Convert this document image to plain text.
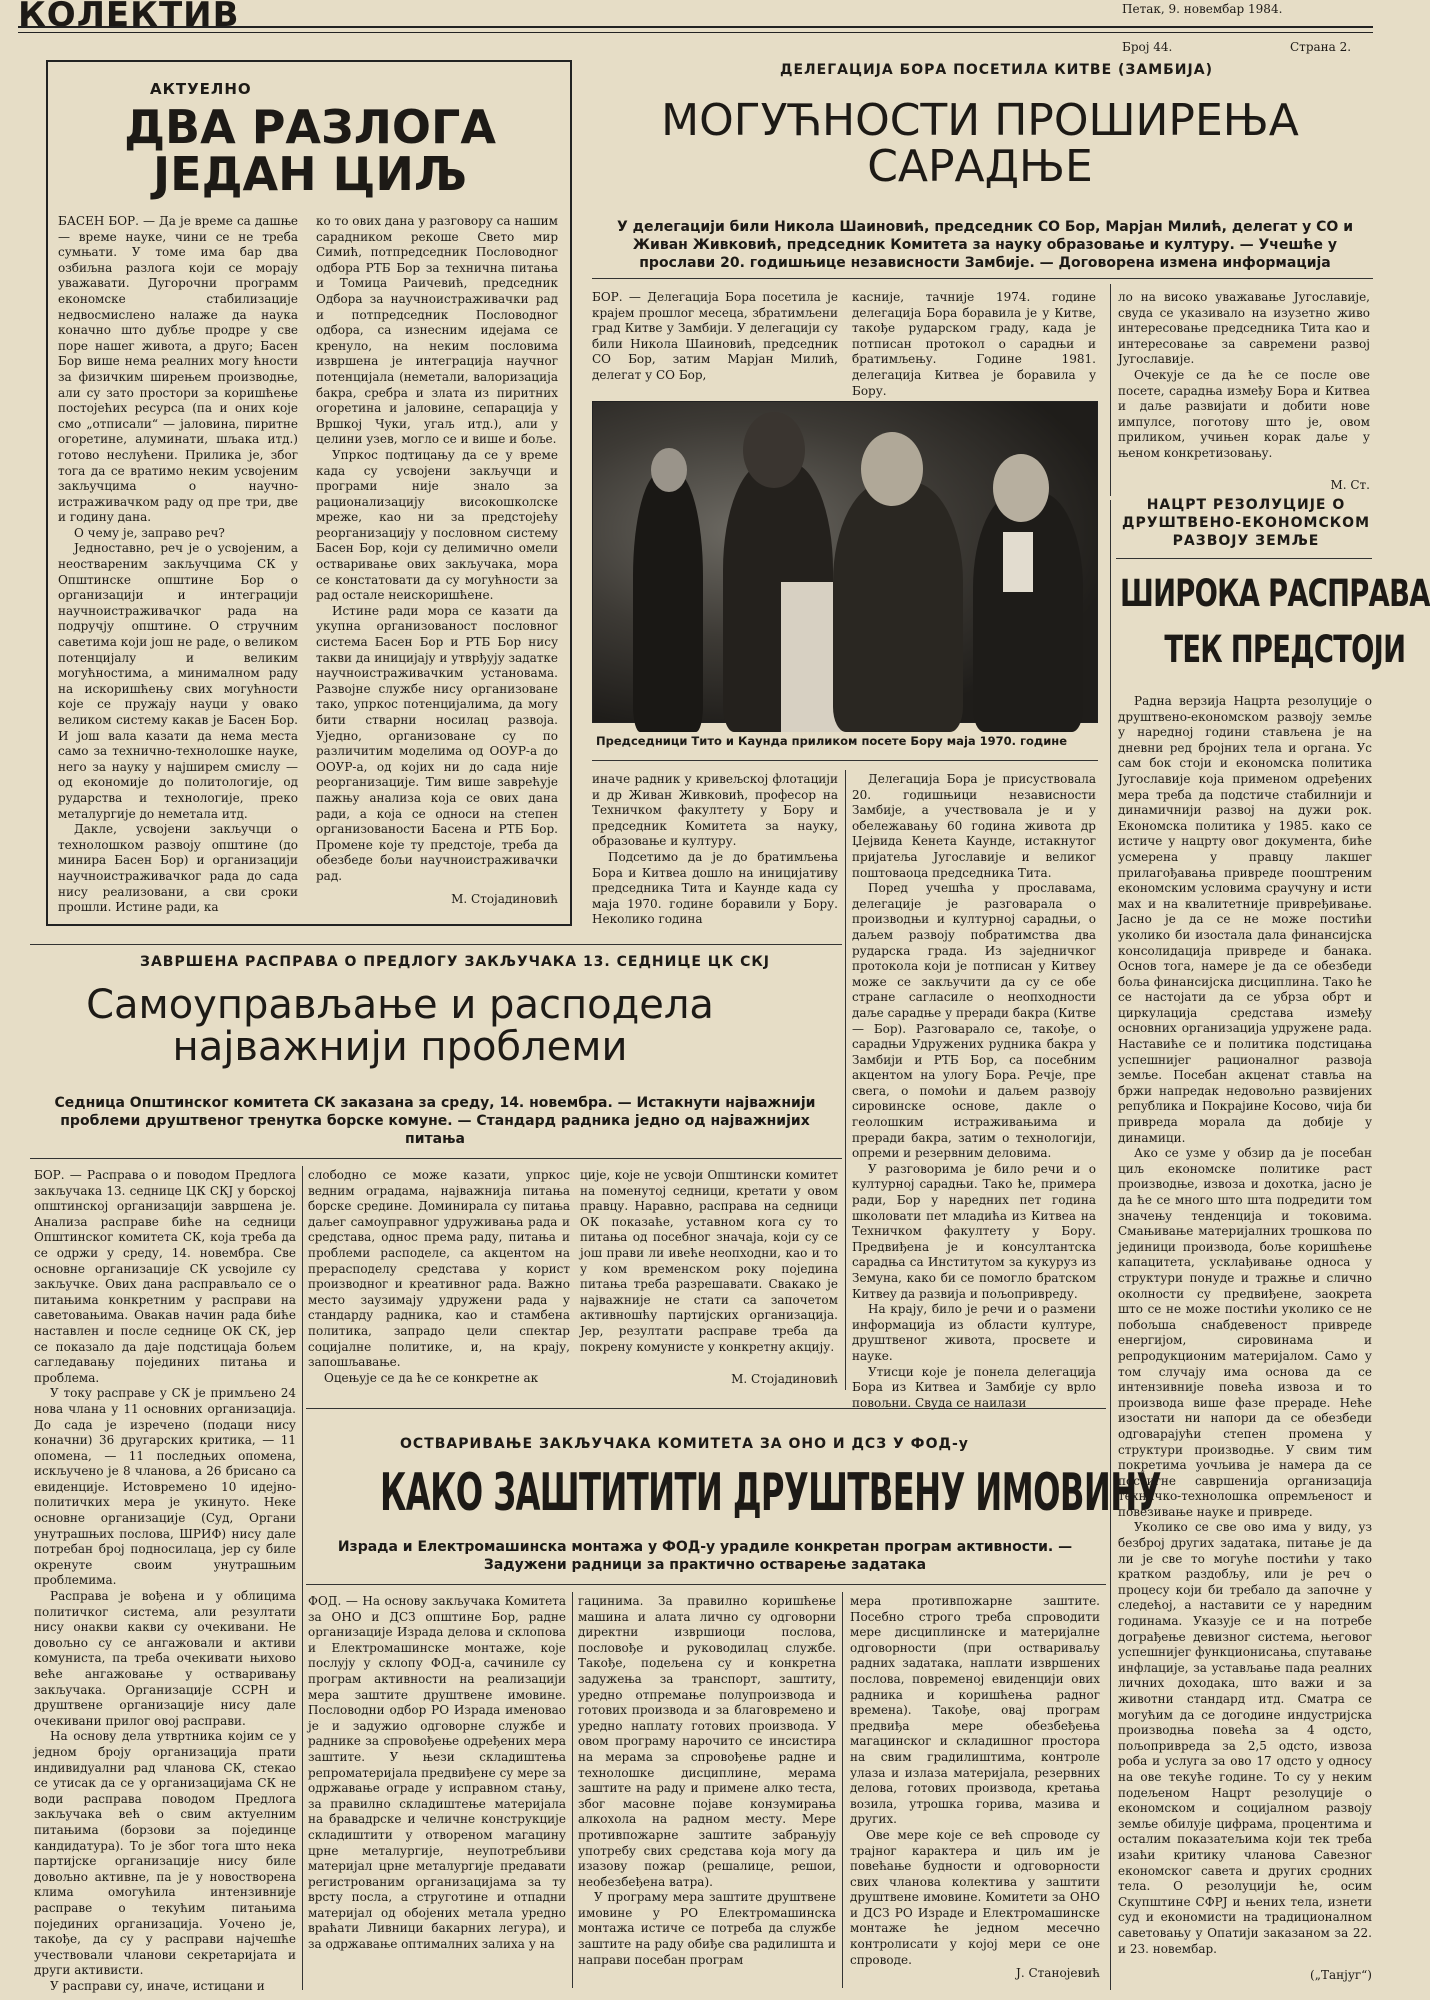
КОЛЕКТИВ	Петак, 9. новембар 1984.
Број 44.	Страна 2.
АКТУЕЛНО
ДВА РАЗЛОГА
ЈЕДАН ЦИЉ

БАСЕН БОР. — Да је време са дашње — време науке, чини се не треба сумњати. У томе има бар два озбиљна разлога који се морају уважавати. Дугорочни программ економске стабилизације недвосмислено налаже да наука коначно што дубље продре у све поре нашег живота, а друго; Басен Бор више нема реалних могу ћности за физичким ширењем производње, али су зато простори за коришћење постојећих ресурса (па и оних које смо „отписали“ — јаловина, пиритне огоретине, алуминати, шљака итд.) готово неслућени. Прилика је, због тога да се вратимо неким усвојеним закључцима о научно-истраживачком раду од пре три, две и годину дана.

О чему је, заправо реч?

Једноставно, реч је о усвојеним, а неоствареним закључцима СК у Општинске општине Бор о организацији и интеграцији научноистраживачког рада на подручју општине. О стручним саветима који још не раде, о великом потенцијалу и великим могућностима, а минималном раду на искоришћењу свих могућности које се пружају науци у овако великом систему какав је Басен Бор. И још вала казати да нема места само за технично-технолошке науке, него за науку у најширем смислу — од економије до политологије, од рударства и технологије, преко металургије до неметала итд.

Дакле, усвојени закључци о технолошком развоју општине (до минира Басен Бор) и организацији научноистраживачког рада до сада нису реализовани, а сви сроки прошли. Истине ради, ка

ко то ових дана у разговору са нашим сарадником рекоше Свето мир Симић, потпредседник Пословодног одбора РТБ Бор за технична питања и Томица Раичевић, председник Одбора за научноистраживачки рад и потпредседник Пословодног одбора, са изнесним идејама се кренуло, на неким пословима извршена је интеграција научног потенцијала (неметали, валоризација бакра, сребра и злата из пиритних огоретина и јаловине, сепарација у Вршкој Чуки, угаљ итд.), али у целини узев, могло се и више и боље.

Упркос подтицању да се у време када су усвојени закључци и програми није знало за рационализацију високошколске мреже, као ни за предстојећу реорганизацију у пословном систему Басен Бор, који су делимично омели остваривање ових закључака, мора се констатовати да су могућности за рад остале неискоришћене.

Истине ради мора се казати да укупна организованост пословног система Басен Бор и РТБ Бор нису такви да иницијају и утврђују задатке научноистраживачким установама. Развојне службе нису организоване тако, упркос потенцијалима, да могу бити стварни носилац развоја. Уједно, организоване су по различитим моделима од ООУР-а до ООУР-а, од којих ни до сада није реорганизације. Тим више заврећује пажњу анализа која се ових дана ради, а која се односи на степен организованости Басена и РТБ Бор. Промене које ту предстоје, треба да обезбеде бољи научноистраживачки рад.

М. Стојадиновић
ДЕЛЕГАЦИЈА БОРА ПОСЕТИЛА КИТВЕ (ЗАМБИЈА)
МОГУЋНОСТИ ПРОШИРЕЊА
САРАДЊЕ
У делегацији били Никола Шаиновић, председник СО Бор, Марјан Милић, делегат у СО и Живан Живковић, председник Комитета за науку образовање и културу. — Учешће у прослави 20. годишњице независности Замбије. — Договорена измена информација

БОР. — Делегација Бора посетила је крајем прошлог месеца, збратимљени град Китве у Замбији. У делегацији су били Никола Шаиновић, председник СО Бор, затим Марјан Милић, делегат у СО Бор,

касније, тачније 1974. године делегација Бора боравила је у Китве, такође рударском граду, када је потписан протокол о сарадњи и братимљењу. Године 1981. делегација Китвеа је боравила у Бору.

ло на високо уважавање Југославије, свуда се указивало на изузетно живо интересовање председника Тита као и интересовање за савремени развој Југославије.

Очекује се да ће се после ове посете, сарадња између Бора и Китвеа и даље развијати и добити нове импулсе, поготову што је, овом приликом, учињен корак даље у њеном конкретизовању.

М. Ст.
Председници Тито и Каунда приликом посете Бору маја 1970. године

иначе радник у кривељској флотацији и др Живан Живковић, професор на Техничком факултету у Бору и председник Комитета за науку, образовање и културу.

Подсетимо да је до братимљења Бора и Китвеа дошло на иницијативу председника Тита и Каунде када су маја 1970. године боравили у Бору. Неколико година

Делегација Бора је присуствовала 20. годишњици независности Замбије, а учествовала је и у обележавању 60 година живота др Џејвида Кенета Каунде, истакнутог пријатеља Југославије и великог поштоваоца председника Тита.

Поред учешћа у прославама, делегације је разговарала о производњи и културној сарадњи, о даљем развоју побратимства два рударска града. Из заједничког протокола који је потписан у Китвеу може се закључити да су се обе стране сагласиле о неопходности даље сарадње у преради бакра (Китве — Бор). Разговарало се, такође, о сарадњи Удружених рудника бакра у Замбији и РТБ Бор, са посебним акцентом на улогу Бора. Речје, пре свега, о помоћи и даљем развоју сировинске основе, дакле о геолошким истраживањима и преради бакра, затим о технологији, опреми и резервним деловима.

У разговорима је било речи и о културној сарадњи. Тако ће, примера ради, Бор у наредних пет година школовати пет младића из Китвеа на Техничком факултету у Бору. Предвиђена је и консултантска сарадња са Институтом за кукуруз из Земуна, како би се помогло братском Китвеу да развија и пољопривреду.

На крају, било је речи и о размени информација из области културе, друштвеног живота, просвете и науке.

Утисци које је понела делегација Бора из Китвеа и Замбије су врло повољни. Свуда се наилази

ЗАВРШЕНА РАСПРАВА О ПРЕДЛОГУ ЗАКЉУЧАКА 13. СЕДНИЦЕ ЦК СКЈ
Самоуправљање и расподела
најважнији проблеми
Седница Општинског комитета СК заказана за среду, 14. новембра. — Истакнути најважнији проблеми друштвеног тренутка борске комуне. — Стандард радника једно од најважнијих питања

БОР. — Расправа о и поводом Предлога закључака 13. седнице ЦК СКЈ у борској општинској организацији завршена је. Анализа расправе биће на седници Општинског комитета СК, која треба да се одржи у среду, 14. новембра. Све основне организације СК усвојиле су закључке. Ових дана расправљало се о питањима конкретним у расправи на саветовањима. Овакав начин рада биће наставлен и после седнице ОК СК, јер се показало да даје подстицаја бољем сагледавању појединих питања и проблема.

У току расправе у СК је примљено 24 нова члана у 11 основних организација. До сада је изречено (подаци нису коначни) 36 другарских критика, — 11 опомена, — 11 последњих опомена, искључено је 8 чланова, а 26 брисано са евиденције. Истовремено 10 идејно-политичких мера је укинуто. Неке основне организације (Суд, Органи унутрашњих послова, ШРИФ) нису дале потребан број подносилаца, јер су биле окренуте своим унутрашњим проблемима.

Расправа је вођена и у облицима политичког система, али резултати нису онакви какви су очекивани. Не довољно су се ангажовали и активи комуниста, па треба очекивати њихово веће ангажовање у остваривању закључака. Организације ССРН и друштвене организације нису дале очекивани прилог овој расправи.

На основу дела утвртника којим се у једном броју организација прати индивидуални рад чланова СК, стекао се утисак да се у организацијама СК не води расправа поводом Предлога закључака већ о свим актуелним питањима (борзови за појединце кандидатура). То је због тога што нека партијске организације нису биле довољно активне, па је у новостворена клима омогућила интензивније расправе о текућим питањима појединих организација. Уочено је, такође, да су у расправи најчешће учествовали чланови секретаријата и други активисти.

У расправи су, иначе, истицани и

слободно се може казати, упркос ведним оградама, најважнија питања борске средине. Доминирала су питања даљег самоуправног удруживања рада и средстава, однос према раду, питања и проблеми расподеле, са акцентом на прерасподелу средстава у корист производног и креативног рада. Важно место заузимају удружени рада у стандарду радника, као и стамбена политика, запрадо цели спектар социјалне политике, и, на крају, запошљавање.

Оцењује се да ће се конкретне ак

ције, које не усвоји Општински комитет на поменутој седници, кретати у овом правцу. Наравно, расправа на седници ОК показаће, уставном кога су то питања од посебног значаја, који су се још прави ли ивеће неопходни, као и то у ком временском року поједина питања треба разрешавати. Свакако је најважније не стати са започетом активношћу партијских организација. Јер, резултати расправе треба да покрену комунисте у конкретну акцију.

М. Стојадиновић
НАЦРТ РЕЗОЛУЦИЈЕ О ДРУШТВЕНО-ЕКОНОМСКОМ РАЗВОЈУ ЗЕМЉЕ
ШИРОКА РАСПРАВА
ТЕК ПРЕДСТОЈИ

Радна верзија Нацрта резолуције о друштвено-економском развоју земље у наредној години стављена је на дневни ред бројних тела и органа. Ус сам бок стоји и економска политика Југославије која применом одређених мера треба да подстиче стабилнији и динамичнији развој на дужи рок. Економска политика у 1985. како се истиче у нацрту овог документа, биће усмерена у правцу лакшег прилагођавања привреде пооштреним економским условима сраучуну и исти мах и на квалитетније привређивање. Јасно је да се не може постићи уколико би изостала дала финансијска консолидација привреде и банака. Основ тога, намере је да се обезбеди боља финансијска дисциплина. Тако ће се настојати да се убрза обрт и циркулација средстава између основних организација удружене рада. Наставиће се и политика подстицања успешнијег рационалног развоја земље. Посебан акценат ставља на бржи напредак недовољно развијених република и Покрајине Косово, чија би привреда морала да добије у динамици.

Ако се узме у обзир да је посебан циљ економске политике раст производње, извоза и дохотка, јасно је да ће се много што шта подредити том значењу тенденција и токовима. Смањивање материјалних трошкова по јединици производа, боље коришћење капацитета, усклађивање односа у структури понуде и тражње и слично околности су предвиђене, заокрета што се не може постићи уколико се не побољша снабдевеност привреде енергијом, сировинама и репродукционим материјалом. Само у том случају има основа да се интензивније повећа извоза и то производа више фазе прераде. Неће изостати ни напори да се обезбеди одговарајући степен промена у структури производње. У свим тим покретима уочљива је намера да се постигне савршенија организација техничко-технолошка опремљеност и повезивање науке и привреде.

Уколико се све ово има у виду, уз безброј других задатака, питање је да ли је све то могуће постићи у тако кратком раздобљу, или је реч о процесу који би требало да започне у следећој, а наставити се у наредним годинама. Указује се и на потребе дограђење девизног система, његовог успешнијег функционисања, спутавање инфлације, за устављање пада реалних личних доходака, што важи и за животни стандард итд. Сматра се могућим да се догодине индустријска производња повећа за 4 одсто, пољопривреда за 2,5 одсто, извоза роба и услуга за ово 17 одсто у односу на ове текуће године. То су у неким подељеном Нацрт резолуције о економском и социјалном развоју земље обилује цифрама, процентима и осталим показатељима који тек треба изаћи критику чланова Савезног економског савета и других сродних тела. О резолуцији ће, осим Скупштине СФРЈ и њених тела, изнети суд и економисти на традиционалном саветовању у Опатији заказаном за 22. и 23. новембар.

(„Танјуг“)
ОСТВАРИВАЊЕ ЗАКЉУЧАКА КОМИТЕТА ЗА ОНО И ДСЗ У ФОД-у
КАКО ЗАШТИТИТИ ДРУШТВЕНУ ИМОВИНУ
Израда и Електромашинска монтажа у ФОД-у урадиле конкретан програм активности. — Задужени радници за практично остварење задатака

ФОД. — На основу закључака Комитета за ОНО и ДСЗ општине Бор, радне организације Израда делова и склопова и Електромашинске монтаже, које послују у склопу ФОД-а, сачиниле су програм активности на реализацији мера заштите друштвене имовине. Пословодни одбор РО Израда именовао је и задужио одговорне службе и раднике за спровођење одређених мера заштите. У њези складиштења репроматеријала предвиђене су мере за одржавање ограде у исправном стању, за правилно складиштење материјала на бравадрске и челичне конструкције складиштити у отвореном магацину црне металургије, неупотребљиви материјал црне металургије предавати регистрованим организацијама за ту врсту посла, а струготине и отпадни материјал од обојених метала уредно враћати Ливници бакарних легура), и за одржавање оптималних залиха у на

гацинима. За правилно коришћење машина и алата лично су одговорни директни извршиоци послова, пословође и руководилац службе. Такође, подељена су и конкретна задужења за транспорт, заштиту, уредно отпремање полупроизвода и готових производа и за благовремено и уредно наплату готових производа. У овом програму нарочито се инсистира на мерама за спровођење радне и технолошке дисциплине, мерама заштите на раду и примене алко теста, због масовне појаве конзумирања алкохола на радном месту. Мере противпожарне заштите забрањују употребу свих средстава која могу да изазову пожар (решалице, решои, необезбеђена ватра).

У програму мера заштите друштвене имовине у РО Електромашинска монтажа истиче се потреба да службе заштите на раду обиђе сва радилишта и направи посебан програм

мера противпожарне заштите. Посебно строго треба спроводити мере дисциплинске и материјалне одговорности (при оствариваљу радних задатака, наплати извршених послова, повременој евиденцији ових радника и коришћења радног времена). Такође, овај програм предвиђа мере обезбеђења магацинског и складишног простора на свим градилиштима, контроле улаза и излаза материјала, резервних делова, готових производа, кретања возила, утрошка горива, мазива и других.

Ове мере које се већ спроводе су трајног карактера и циљ им је повећање будности и одговорности свих чланова колектива у заштити друштвене имовине. Комитети за ОНО и ДСЗ РО Израде и Електромашинске монтаже ће једном месечно контролисати у којој мери се оне спроводе.

Ј. Станојевић
